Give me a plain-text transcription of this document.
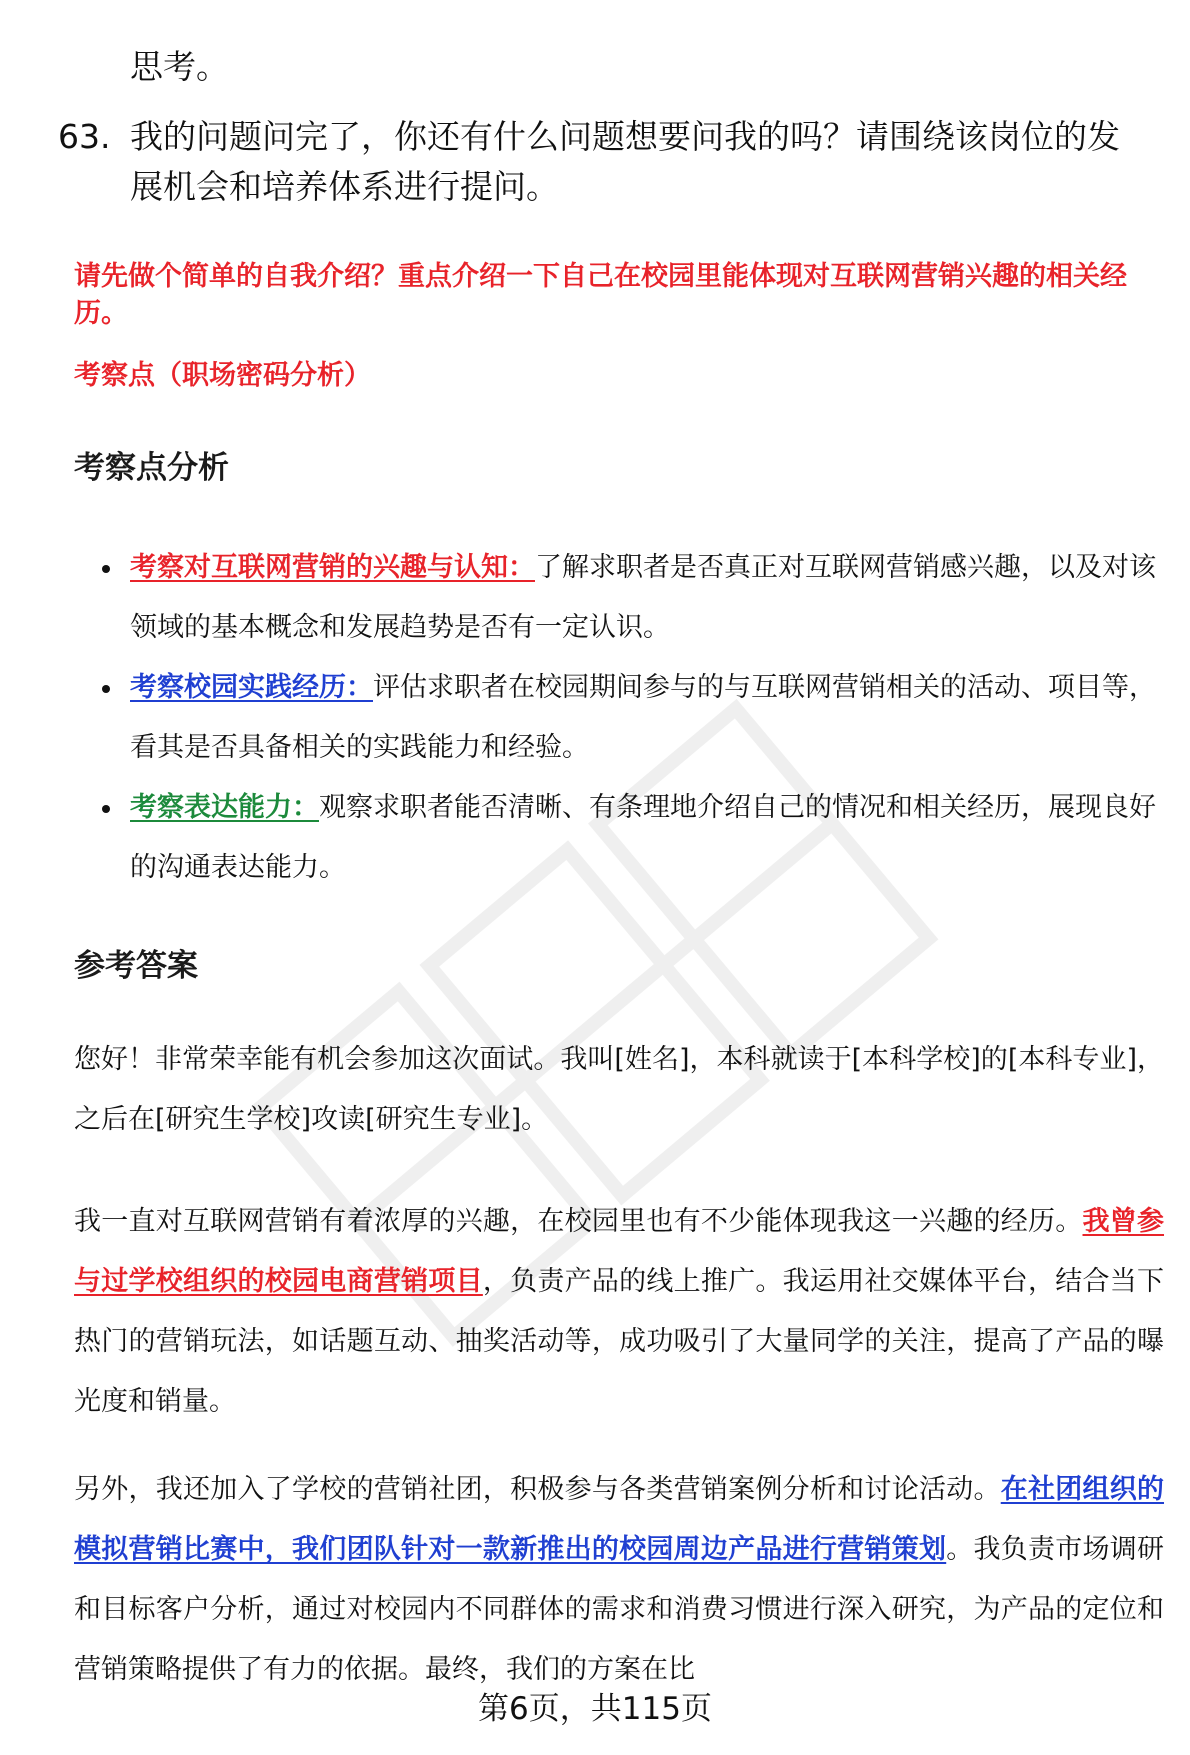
思考。
63. 我的问题问完了，你还有什么问题想要问我的吗？请围绕该岗位的发展机会和培养体系进行提问。
请先做个简单的自我介绍？重点介绍一下自己在校园里能体现对互联网营销兴趣的相关经历。
考察点（职场密码分析）
考察点分析
考察对互联网营销的兴趣与认知：了解求职者是否真正对互联网营销感兴趣，以及对该领域的基本概念和发展趋势是否有一定认识。
考察校园实践经历：评估求职者在校园期间参与的与互联网营销相关的活动、项目等，看其是否具备相关的实践能力和经验。
考察表达能力：观察求职者能否清晰、有条理地介绍自己的情况和相关经历，展现良好的沟通表达能力。
参考答案
您好！非常荣幸能有机会参加这次面试。我叫[姓名]，本科就读于[本科学校]的[本科专业]，之后在[研究生学校]攻读[研究生专业]。
我一直对互联网营销有着浓厚的兴趣，在校园里也有不少能体现我这一兴趣的经历。我曾参与过学校组织的校园电商营销项目，负责产品的线上推广。我运用社交媒体平台，结合当下热门的营销玩法，如话题互动、抽奖活动等，成功吸引了大量同学的关注，提高了产品的曝光度和销量。
另外，我还加入了学校的营销社团，积极参与各类营销案例分析和讨论活动。在社团组织的模拟营销比赛中，我们团队针对一款新推出的校园周边产品进行营销策划。我负责市场调研和目标客户分析，通过对校园内不同群体的需求和消费习惯进行深入研究，为产品的定位和营销策略提供了有力的依据。最终，我们的方案在比
第6页，共115页
